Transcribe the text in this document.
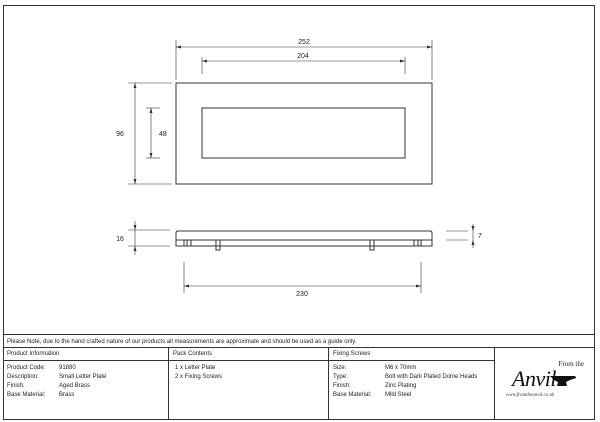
252
204
96	48
16
230
7
Please Note, due to the hand crafted nature of our products all measurements are approximate and should be used as a guide only.
Product Information
Product Code:	91880
Description:	Small Letter Plate
Finish:	Aged Brass
Base Material:	Brass
Pack Contents
1 x Letter Plate
2 x Fixing Screws
Fixing Screws
Size:	M6 x 70mm
Type:	Bolt with Dark Plated Dome Heads
Finish:	Zinc Plating
Base Material:	Mild Steel
From the
Anvil
www.fromtheanvil.co.uk
